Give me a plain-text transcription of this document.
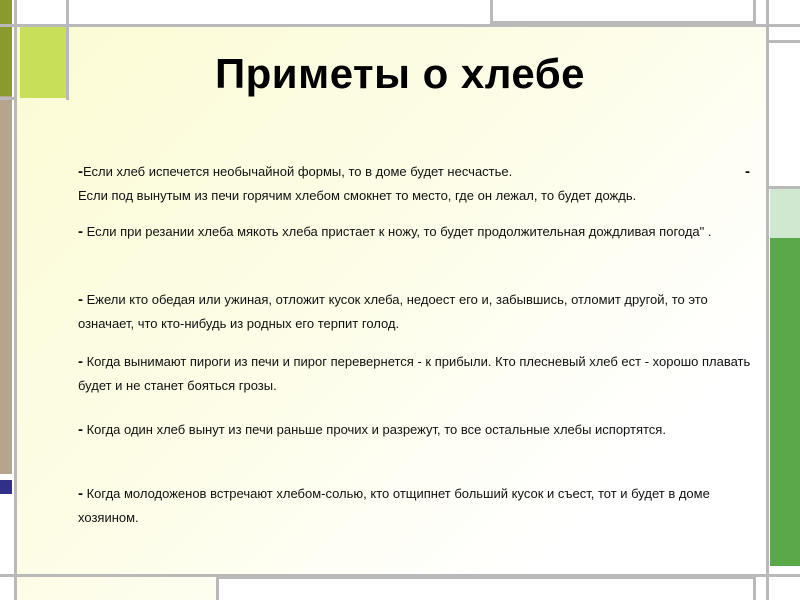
Приметы о хлебе
-Если хлеб испечется необычайной формы, то в доме будет несчастье.	-
Если под вынутым из печи горячим хлебом смокнет то место, где он лежал, то будет дождь.
- Если при резании хлеба мякоть хлеба пристает к ножу, то будет продолжительная дождливая погода" .
- Ежели кто обедая или ужиная, отложит кусок хлеба, недоест его и, забывшись, отломит другой, то это означает, что кто-нибудь из родных его терпит голод.
- Когда вынимают пироги из печи и пирог перевернется - к прибыли. Кто плесневый хлеб ест - хорошо плавать будет и не станет бояться грозы.
- Когда один хлеб вынут из печи раньше прочих и разрежут, то все остальные хлебы испортятся.
- Когда молодоженов встречают хлебом-солью, кто отщипнет больший кусок и съест, тот и будет в доме хозяином.
